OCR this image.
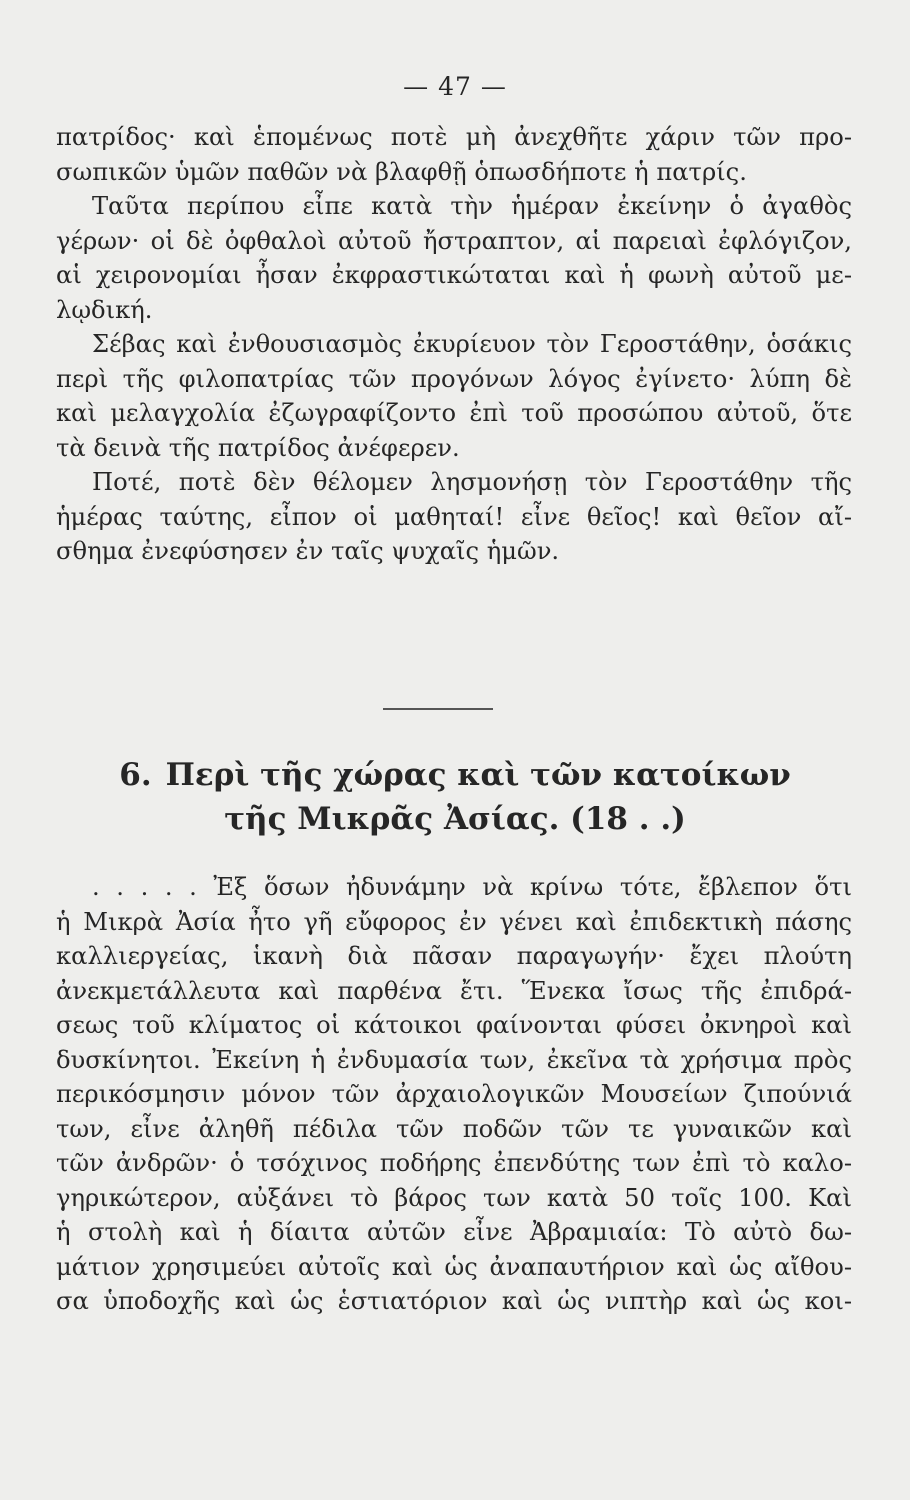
— 47 —
πατρίδος· καὶ ἑπομένως ποτὲ μὴ ἀνεχθῆτε χάριν τῶν προ-
σωπικῶν ὑμῶν παθῶν νὰ βλαφθῇ ὁπωσδήποτε ἡ πατρίς.
Ταῦτα περίπου εἶπε κατὰ τὴν ἡμέραν ἐκείνην ὁ ἀγαθὸς
γέρων· οἱ δὲ ὀφθαλοὶ αὐτοῦ ἤστραπτον, αἱ παρειαὶ ἐφλόγιζον,
αἱ χειρονομίαι ἦσαν ἐκφραστικώταται καὶ ἡ φωνὴ αὐτοῦ με-
λῳδική.
Σέβας καὶ ἐνθουσιασμὸς ἐκυρίευον τὸν Γεροστάθην, ὁσάκις
περὶ τῆς φιλοπατρίας τῶν προγόνων λόγος ἐγίνετο· λύπη δὲ
καὶ μελαγχολία ἐζωγραφίζοντο ἐπὶ τοῦ προσώπου αὐτοῦ, ὅτε
τὰ δεινὰ τῆς πατρίδος ἀνέφερεν.
Ποτέ, ποτὲ δὲν θέλομεν λησμονήσῃ τὸν Γεροστάθην τῆς
ἡμέρας ταύτης, εἶπον οἱ μαθηταί! εἶνε θεῖος! καὶ θεῖον αἴ-
σθημα ἐνεφύσησεν ἐν ταῖς ψυχαῖς ἡμῶν.
6. Περὶ τῆς χώρας καὶ τῶν κατοίκων
τῆς Μικρᾶς Ἀσίας. (18 . .)
. . . . . Ἐξ ὅσων ἠδυνάμην νὰ κρίνω τότε, ἔβλεπον ὅτι
ἡ Μικρὰ Ἀσία ἦτο γῆ εὔφορος ἐν γένει καὶ ἐπιδεκτικὴ πάσης
καλλιεργείας, ἱκανὴ διὰ πᾶσαν παραγωγήν· ἔχει πλούτη
ἀνεκμετάλλευτα καὶ παρθένα ἔτι. Ἕνεκα ἴσως τῆς ἐπιδρά-
σεως τοῦ κλίματος οἱ κάτοικοι φαίνονται φύσει ὀκνηροὶ καὶ
δυσκίνητοι. Ἐκείνη ἡ ἐνδυμασία των, ἐκεῖνα τὰ χρήσιμα πρὸς
περικόσμησιν μόνον τῶν ἀρχαιολογικῶν Μουσείων ζιπούνιά
των, εἶνε ἀληθῆ πέδιλα τῶν ποδῶν τῶν τε γυναικῶν καὶ
τῶν ἀνδρῶν· ὁ τσόχινος ποδήρης ἐπενδύτης των ἐπὶ τὸ καλο-
γηρικώτερον, αὐξάνει τὸ βάρος των κατὰ 50 τοῖς 100. Καὶ
ἡ στολὴ καὶ ἡ δίαιτα αὐτῶν εἶνε Ἀβραμιαία: Τὸ αὐτὸ δω-
μάτιον χρησιμεύει αὐτοῖς καὶ ὡς ἀναπαυτήριον καὶ ὡς αἴθου-
σα ὑποδοχῆς καὶ ὡς ἑστιατόριον καὶ ὡς νιπτὴρ καὶ ὡς κοι-
